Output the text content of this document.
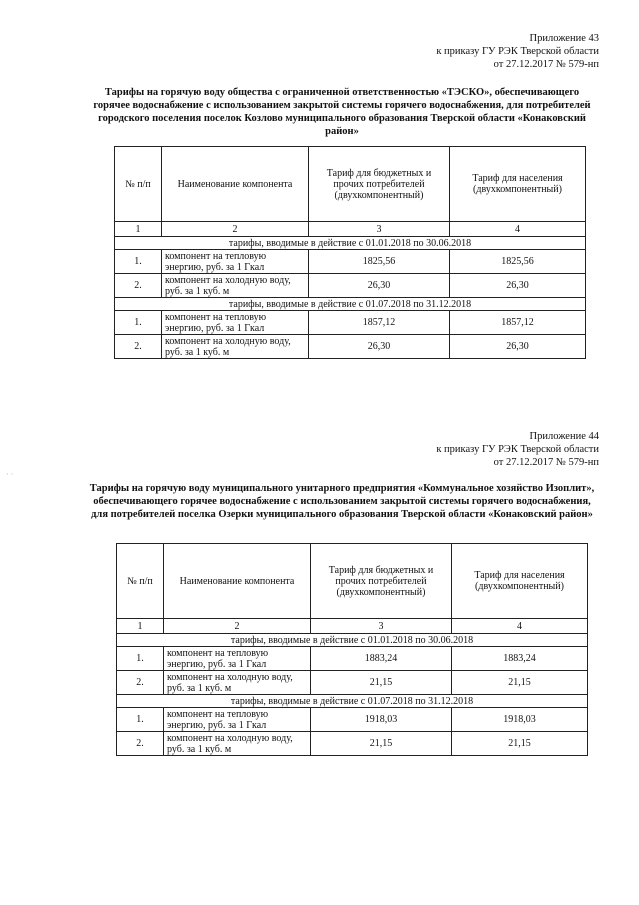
Приложение 43
к приказу ГУ РЭК Тверской области
от 27.12.2017 № 579-нп
Тарифы на горячую воду общества с ограниченной ответственностью «ТЭСКО», обеспечивающего горячее водоснабжение с использованием закрытой системы горячего водоснабжения, для потребителей городского поселения поселок Козлово муниципального образования Тверской области «Конаковский район»
№ п/п	Наименование компонента	Тариф для бюджетных и прочих потребителей (двухкомпонентный)	Тариф для населения (двухкомпонентный)
1	2	3	4
тарифы, вводимые в действие с 01.01.2018 по 30.06.2018			
1.	компонент на тепловую энергию, руб. за 1 Гкал	1825,56	1825,56
2.	компонент на холодную воду, руб. за 1 куб. м	26,30	26,30
тарифы, вводимые в действие с 01.07.2018 по 31.12.2018			
1.	компонент на тепловую энергию, руб. за 1 Гкал	1857,12	1857,12
2.	компонент на холодную воду, руб. за 1 куб. м	26,30	26,30
· ·
Приложение 44
к приказу ГУ РЭК Тверской области
от 27.12.2017 № 579-нп
Тарифы на горячую воду муниципального унитарного предприятия «Коммунальное хозяйство Изоплит», обеспечивающего горячее водоснабжение с использованием закрытой системы горячего водоснабжения, для потребителей поселка Озерки муниципального образования Тверской области «Конаковский район»
№ п/п	Наименование компонента	Тариф для бюджетных и прочих потребителей (двухкомпонентный)	Тариф для населения (двухкомпонентный)
1	2	3	4
тарифы, вводимые в действие с 01.01.2018 по 30.06.2018			
1.	компонент на тепловую энергию, руб. за 1 Гкал	1883,24	1883,24
2.	компонент на холодную воду, руб. за 1 куб. м	21,15	21,15
тарифы, вводимые в действие с 01.07.2018 по 31.12.2018			
1.	компонент на тепловую энергию, руб. за 1 Гкал	1918,03	1918,03
2.	компонент на холодную воду, руб. за 1 куб. м	21,15	21,15
